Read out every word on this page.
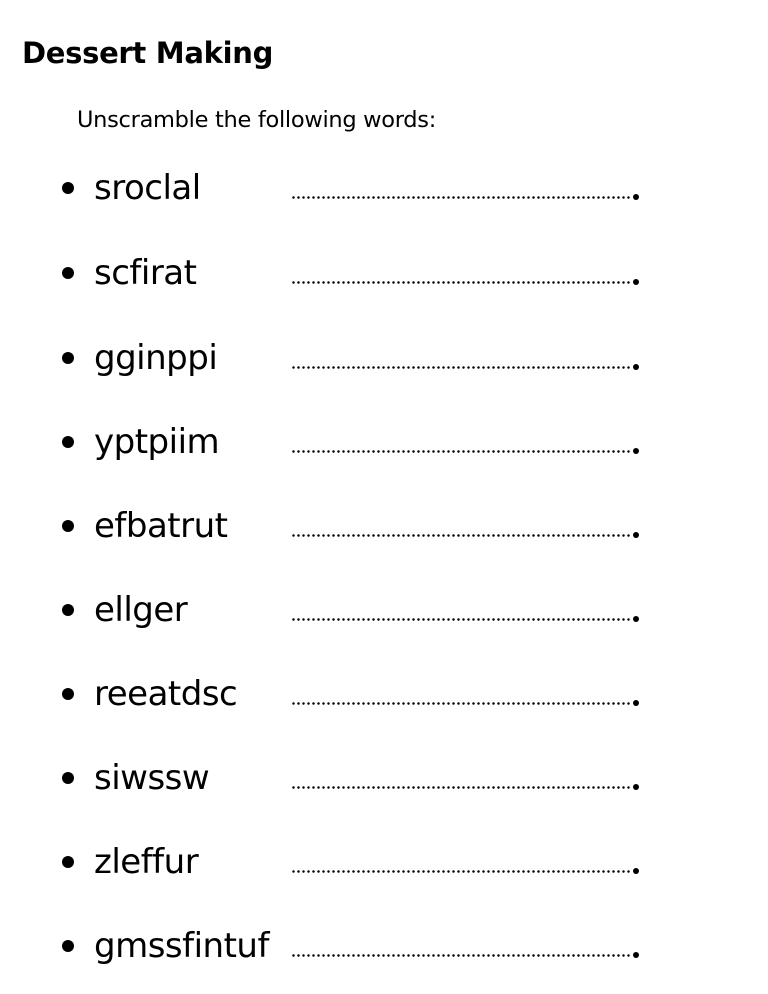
Dessert Making

Unscramble the following words:

sroclal
scfirat
gginppi
yptpiim
efbatrut
ellger
reeatdsc
siwssw
zleffur
gmssfintuf
